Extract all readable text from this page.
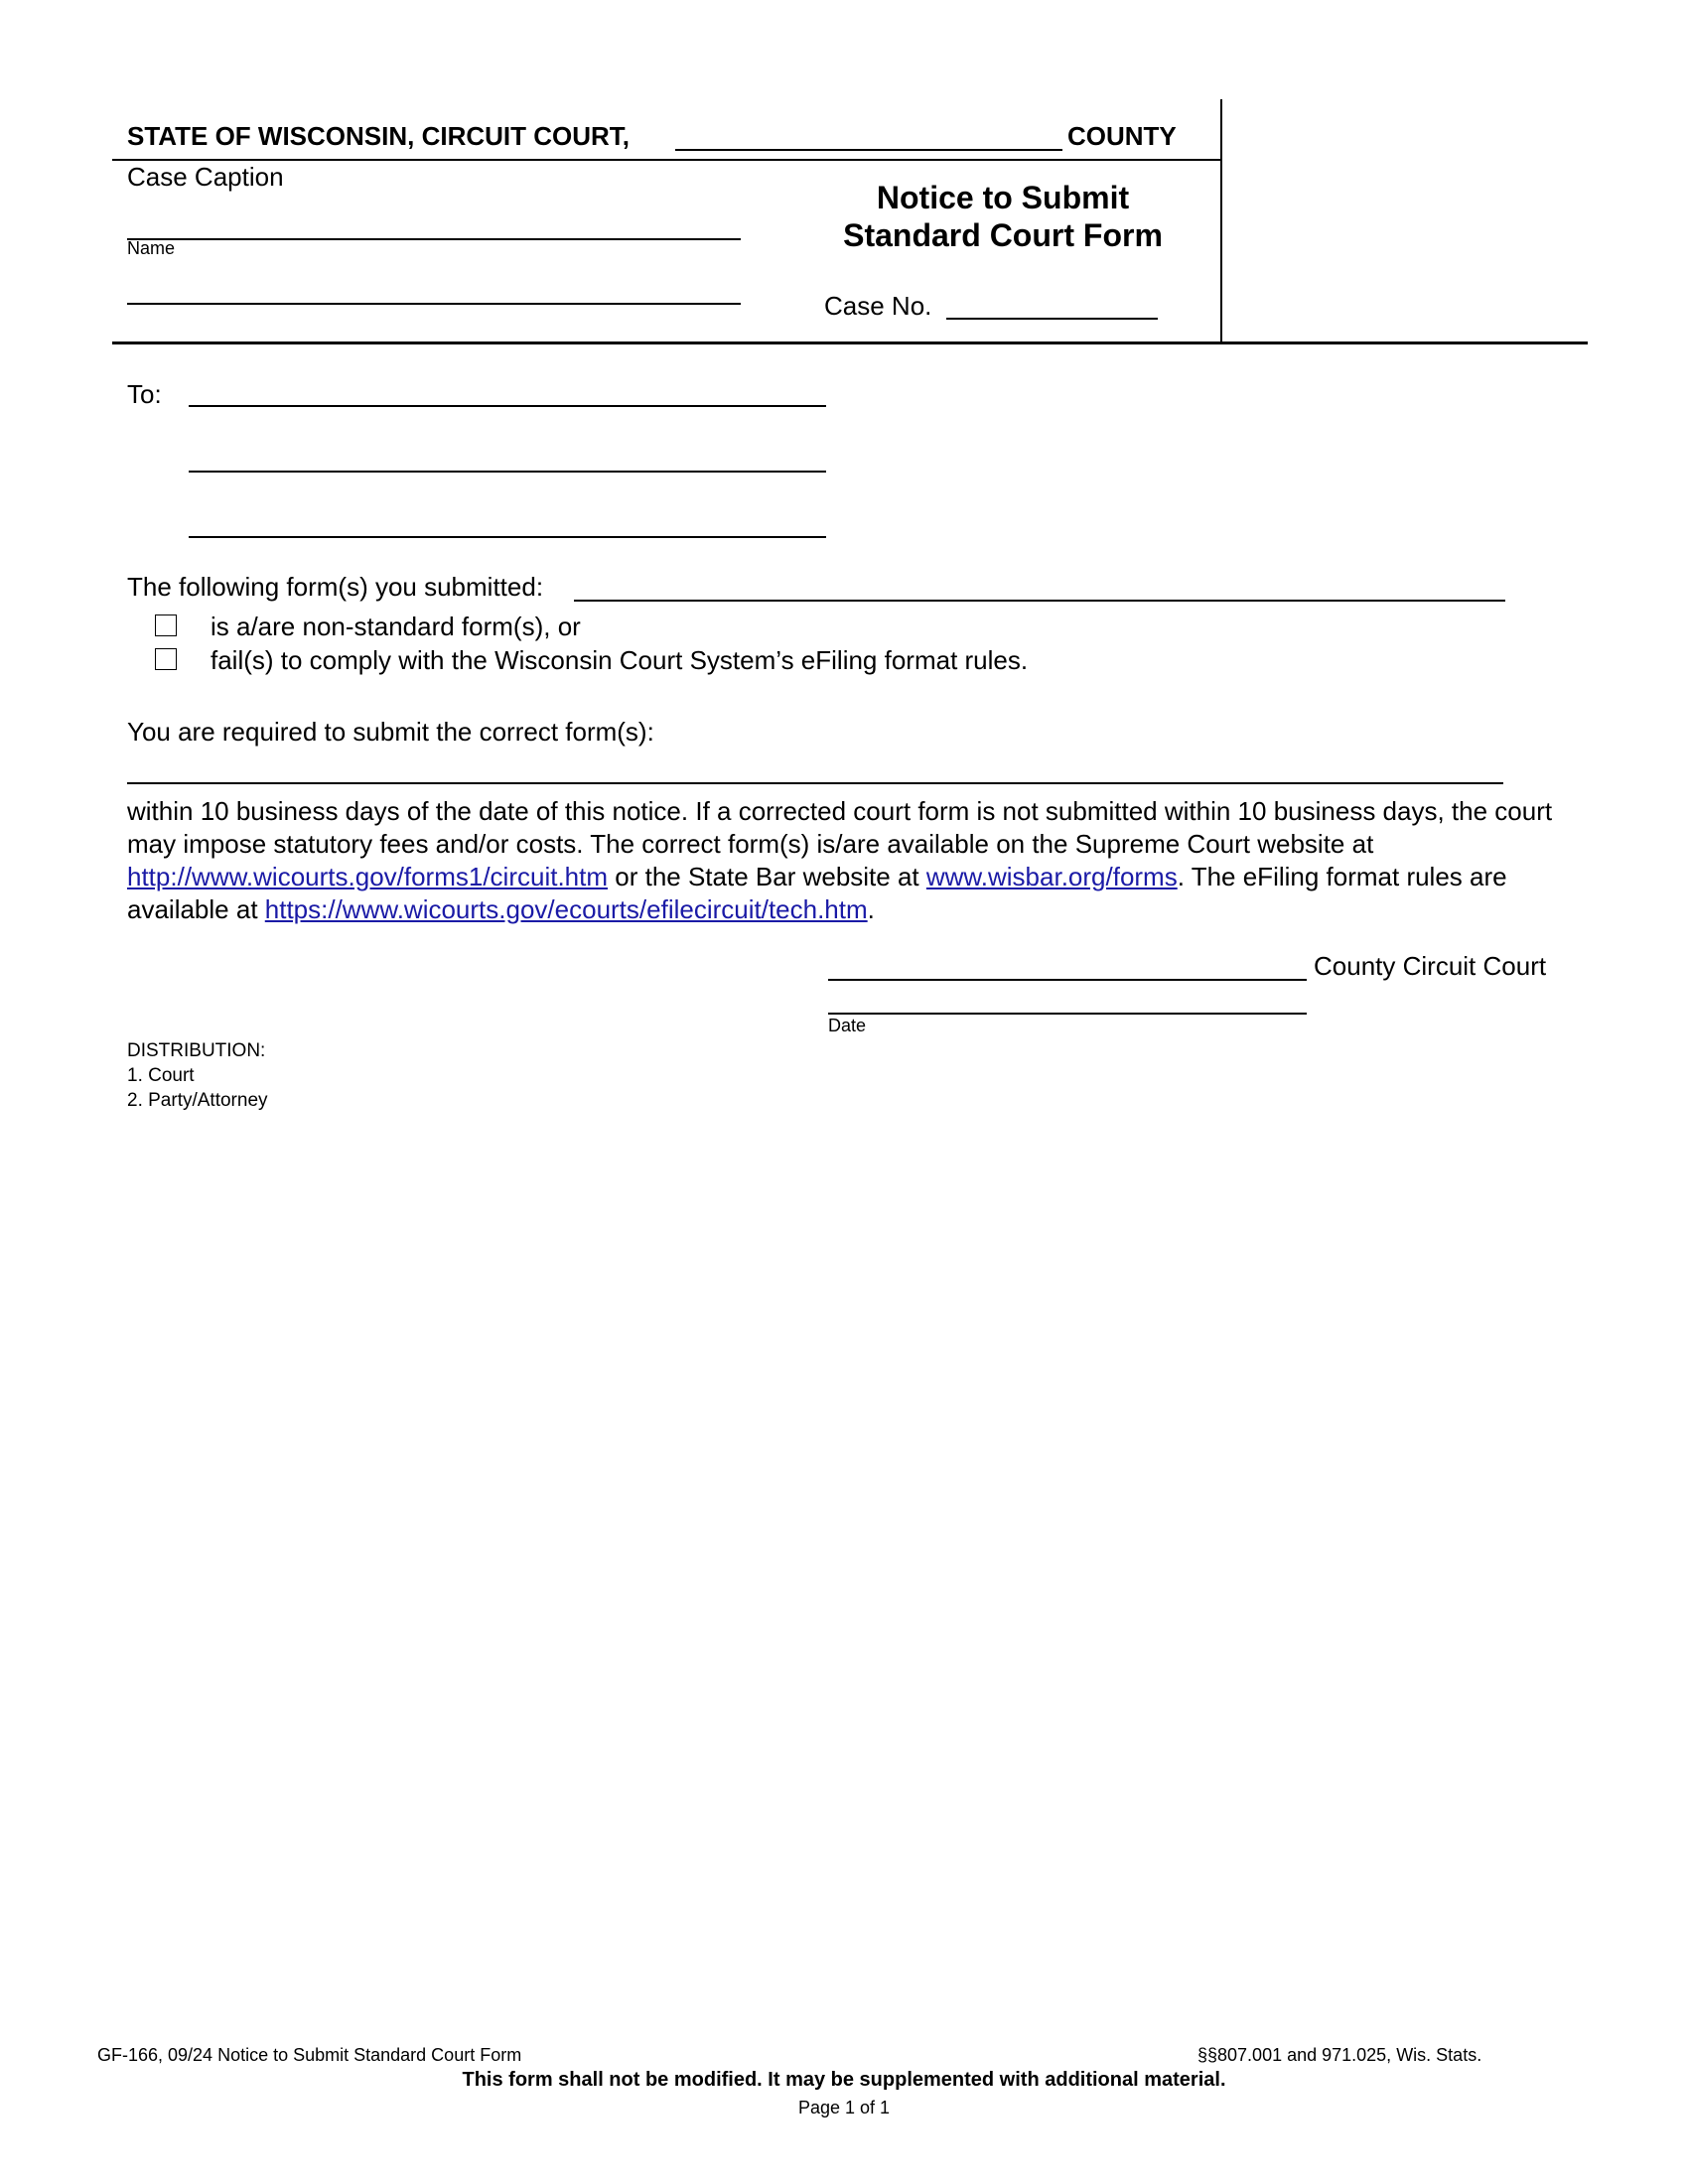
STATE OF WISCONSIN, CIRCUIT COURT,	COUNTY
Case Caption
Name
Notice to Submit
Standard Court Form
Case No.
To:
The following form(s) you submitted:
is a/are non-standard form(s), or
fail(s) to comply with the Wisconsin Court System’s eFiling format rules.
You are required to submit the correct form(s):
within 10 business days of the date of this notice. If a corrected court form is not submitted within 10 business days, the court may impose statutory fees and/or costs. The correct form(s) is/are available on the Supreme Court website at http://www.wicourts.gov/forms1/circuit.htm or the State Bar website at www.wisbar.org/forms. The eFiling format rules are available at https://www.wicourts.gov/ecourts/efilecircuit/tech.htm.
County Circuit Court
Date
DISTRIBUTION:
1. Court
2. Party/Attorney
GF-166, 09/24 Notice to Submit Standard Court Form	§§807.001 and 971.025, Wis. Stats.
This form shall not be modified. It may be supplemented with additional material.
Page 1 of 1
